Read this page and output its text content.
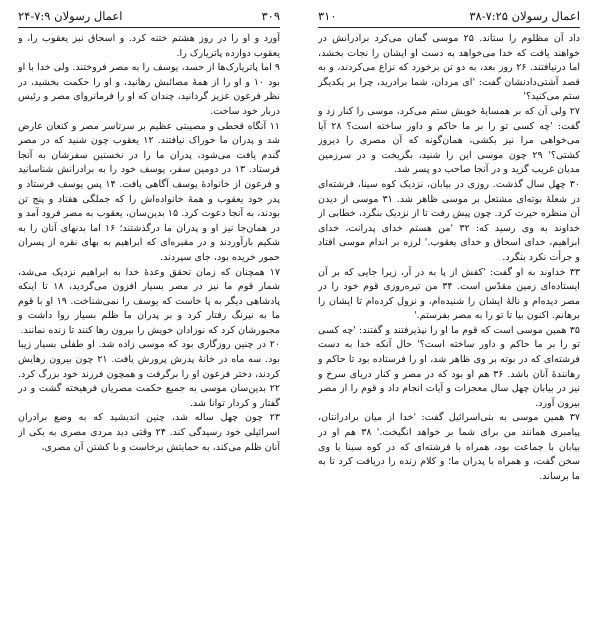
۳۰۹
اعمال رسولان ۷:۹-۲۴

آورد و او را در روز هشتم ختنه کرد. و اسحاق نیز یعقوب را، و یعقوب دوازده پاتریارک را.

۹ اما پاتریارک‌ها از حسد، یوسف را به مصر فروختند. ولی خدا با او بود ۱۰ و او را از همهٔ مصائبش رهانید، و او را حکمت بخشید، در نظر فرعون عزیز گردانید، چندان که او را فرمانروای مصر و رئیس دربار خود ساخت.

۱۱ آنگاه قحطی و مصیبتی عظیم بر سرتاسر مصر و کنعان عارض شد و پدران ما خوراک نیافتند. ۱۲ یعقوب چون شنید که در مصر گندم یافت می‌شود، پدران ما را در نخستین سفرشان به آنجا فرستاد. ۱۳ در دومین سفر، یوسف خود را به برادرانش شناسانید و فرعون از خانوادهٔ یوسف آگاهی یافت. ۱۴ پس یوسف فرستاد و پدر خود یعقوب و همهٔ خانواده‌اش را که جملگی هفتاد و پنج تن بودند، به آنجا دعوت کرد. ۱۵ بدین‌سان، یعقوب به مصر فرود آمد و در همان‌جا نیز او و پدران ما درگذشتند؛ ۱۶ اما بدنهای آنان را به شکیم بازآوردند و در مقبره‌ای که ابراهیم به بهای نقره از پسران حمور خریده بود، جای سپردند.

۱۷ همچنان که زمان تحقق وعدهٔ خدا به ابراهیم نزدیک می‌شد، شمار قوم ما نیز در مصر بسیار افزون می‌گردید، ۱۸ تا اینکه پادشاهی دیگر به پا خاست که یوسف را نمی‌شناخت. ۱۹ او با قوم ما به نیرنگ رفتار کرد و بر پدران ما ظلم بسیار روا داشت و مجبورشان کرد که نوزادان خویش را بیرون رها کنند تا زنده نمانند.

۲۰ در چنین روزگاری بود که موسی زاده شد. او طفلی بسیار زیبا بود. سه ماه در خانهٔ پدرش پرورش یافت. ۲۱ چون بیرون رهایش کردند، دختر فرعون او را برگرفت و همچون فرزند خود بزرگ کرد. ۲۲ بدین‌سان موسی به جمیع حکمت مصریان فرهیخته گشت و در گفتار و کردار توانا شد.

۲۳ چون چهل ساله شد، چنین اندیشید که به وضع برادران اسرائیلی خود رسیدگی کند. ۲۴ وقتی دید مردی مصری به یکی از آنان ظلم می‌کند، به حمایتش برخاست و با کشتن آن مصری،

اعمال رسولان ۷:۲۵-۳۸
۳۱۰

داد آن مظلوم را ستاند. ۲۵ موسی گمان می‌کرد برادرانش در خواهند یافت که خدا می‌خواهد به دست او ایشان را نجات بخشد، اما درنیافتند. ۲۶ روز بعد، به دو تن برخورد که نزاع می‌کردند، و به قصد آشتی‌دادنشان گفت: 'ای مردان، شما برادرید، چرا بر یکدیگر ستم می‌کنید؟'

۲۷ ولی آن که بر همسایهٔ خویش ستم می‌کرد، موسی را کنار زد و گفت: 'چه کسی تو را بر ما حاکم و داور ساخته است؟ ۲۸ آیا می‌خواهی مرا نیز بکشی، همان‌گونه که آن مصری را دیروز کشتی؟' ۲۹ چون موسی این را شنید، بگریخت و در سرزمین مدیان غریب گزید و در آنجا صاحب دو پسر شد.

۳۰ چهل سال گذشت. روزی در بیابان، نزدیک کوه سینا، فرشته‌ای در شعلهٔ بوته‌ای مشتعل بر موسی ظاهر شد. ۳۱ موسی از دیدن آن منظره حیرت کرد. چون پیش رفت تا از نزدیک بنگرد، خطابی از خداوند به وی رسید که: ۳۲ 'من هستم خدای پدرانت، خدای ابراهیم، خدای اسحاق و خدای یعقوب.' لرزه بر اندام موسی افتاد و جرأت نکرد بنگرد.

۳۳ خداوند به او گفت: 'کفش از پا به در آر، زیرا جایی که بر آن ایستاده‌ای زمین مقدّس است. ۳۴ من تیره‌روزی قوم خود را در مصر دیده‌ام و نالهٔ ایشان را شنیده‌ام، و نزول کرده‌ام تا ایشان را برهانم. اکنون بیا تا تو را به مصر بفرستم.'

۳۵ همین موسی است که قوم ما او را نپذیرفتند و گفتند: 'چه کسی تو را بر ما حاکم و داور ساخته است؟' حال آنکه خدا به دست فرشته‌ای که در بوته بر وی ظاهر شد، او را فرستاده بود تا حاکم و رهانندهٔ آنان باشد. ۳۶ هم او بود که در مصر و کنار دریای سرخ و نیز در بیابان چهل سال معجزات و آیات انجام داد و قوم را از مصر بیرون آورد.

۳۷ همین موسی به بنی‌اسرائیل گفت: 'خدا از میان برادرانتان، پیامبری همانند من برای شما بر خواهد انگیخت.' ۳۸ هم او در بیابان با جماعت بود، همراه با فرشته‌ای که در کوه سینا با وی سخن گفت، و همراه با پدران ما؛ و کلام زنده را دریافت کرد تا به ما برساند.
